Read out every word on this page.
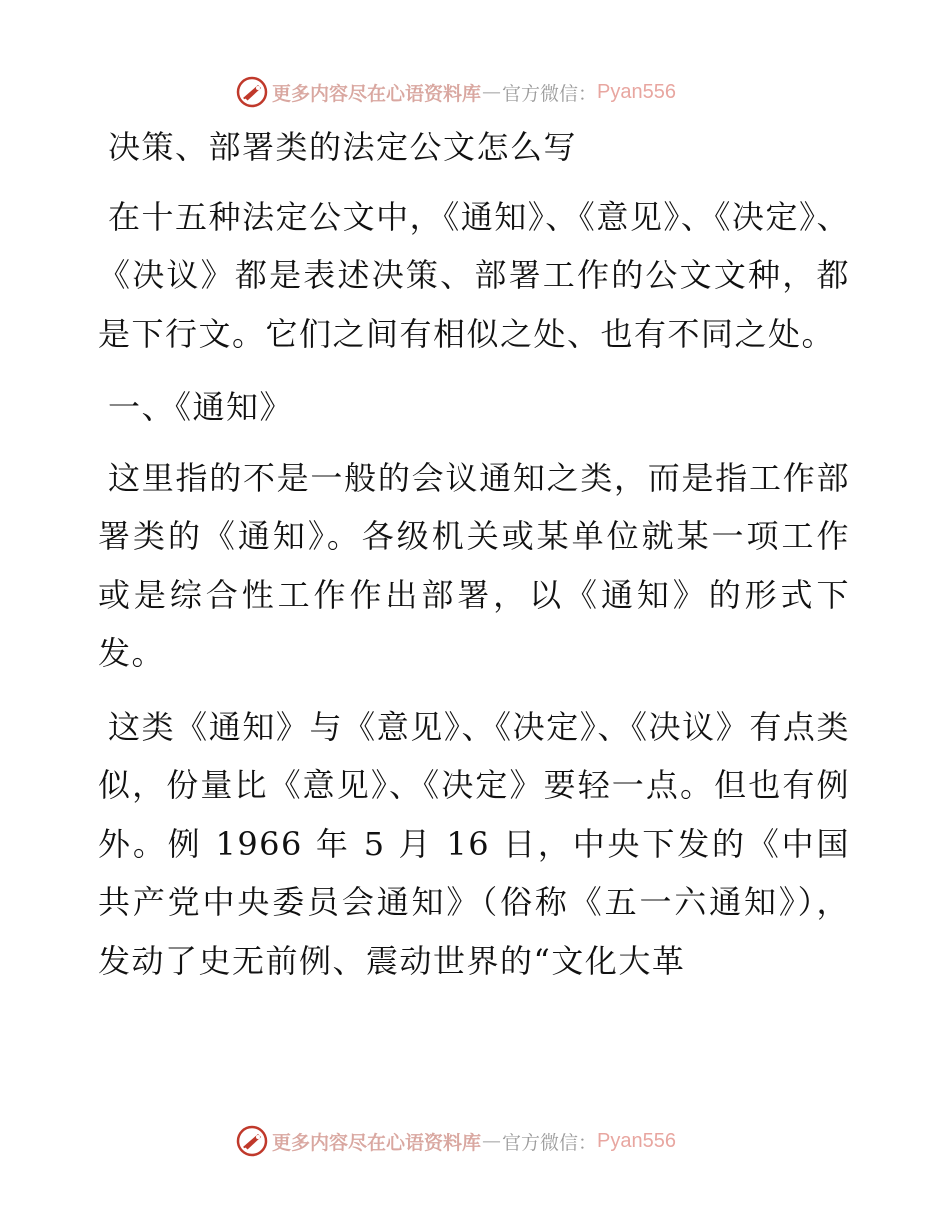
更多内容尽在心语资料库 — 官方微信： Pyan556

决策、部署类的法定公文怎么写

在十五种法定公文中，《通知》、《意见》、《决定》、《决议》都是表述决策、部署工作的公文文种，都是下行文。它们之间有相似之处、也有不同之处。

一、《通知》

这里指的不是一般的会议通知之类，而是指工作部署类的《通知》。各级机关或某单位就某一项工作或是综合性工作作出部署，以《通知》的形式下发。

这类《通知》与《意见》、《决定》、《决议》有点类似，份量比《意见》、《决定》要轻一点。但也有例外。例 1966 年 5 月 16 日，中央下发的《中国共产党中央委员会通知》（俗称《五一六通知》），发动了史无前例、震动世界的“文化大革

更多内容尽在心语资料库 — 官方微信： Pyan556
